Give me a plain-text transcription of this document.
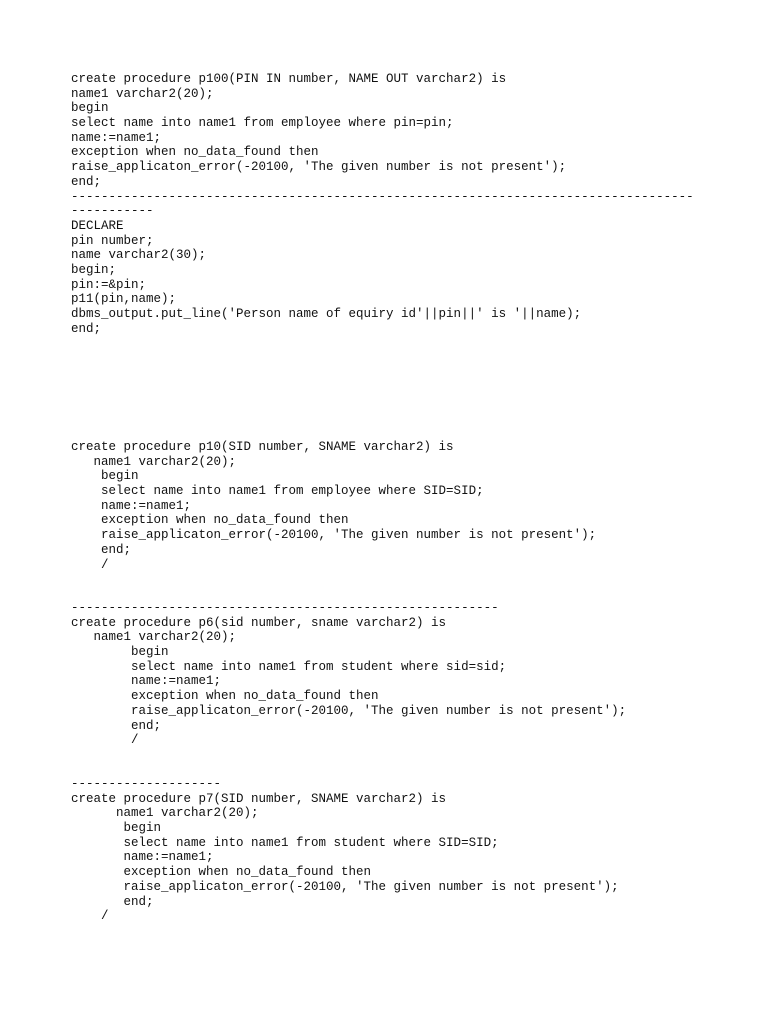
create procedure p100(PIN IN number, NAME OUT varchar2) is
name1 varchar2(20);
begin
select name into name1 from employee where pin=pin;
name:=name1;
exception when no_data_found then
raise_applicaton_error(-20100, 'The given number is not present');
end;
-----------------------------------------------------------------------------------
-----------
DECLARE
pin number;
name varchar2(30);
begin;
pin:=&pin;
p11(pin,name);
dbms_output.put_line('Person name of equiry id'||pin||' is '||name);
end;
create procedure p10(SID number, SNAME varchar2) is
name1 varchar2(20);
begin
select name into name1 from employee where SID=SID;
name:=name1;
exception when no_data_found then
raise_applicaton_error(-20100, 'The given number is not present');
end;
/
---------------------------------------------------------
create procedure p6(sid number, sname varchar2) is
name1 varchar2(20);
begin
select name into name1 from student where sid=sid;
name:=name1;
exception when no_data_found then
raise_applicaton_error(-20100, 'The given number is not present');
end;
/
--------------------
create procedure p7(SID number, SNAME varchar2) is
name1 varchar2(20);
begin
select name into name1 from student where SID=SID;
name:=name1;
exception when no_data_found then
raise_applicaton_error(-20100, 'The given number is not present');
end;
/
